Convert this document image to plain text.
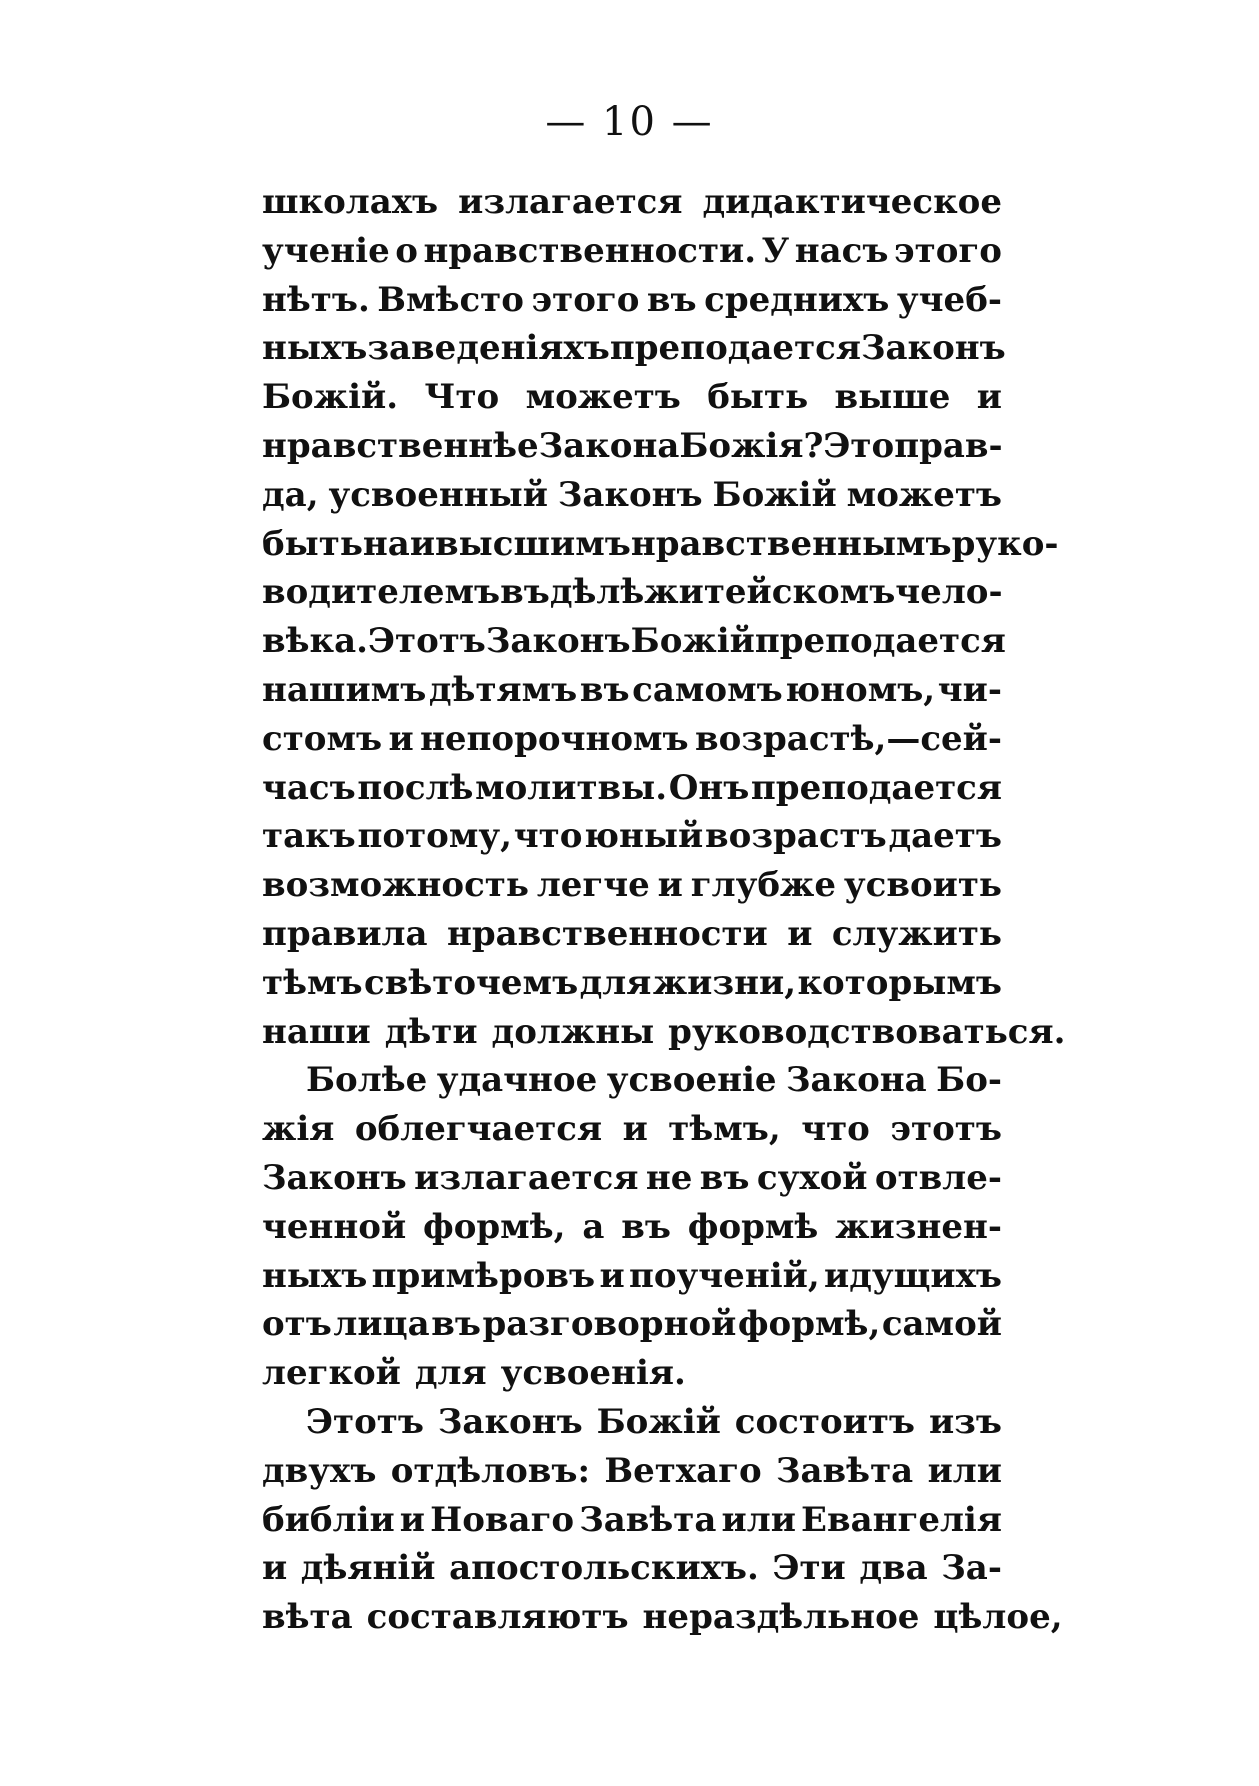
— 10 —
школахъ излагается дидактическое
ученіе о нравственности. У насъ этого
нѣтъ. Вмѣсто этого въ среднихъ учеб-
ныхъ заведеніяхъ преподается Законъ
Божій. Что можетъ быть выше и
нравственнѣе Закона Божія? Это прав-
да, усвоенный Законъ Божій можетъ
быть наивысшимъ нравственнымъ руко-
водителемъ въ дѣлѣ житейскомъ чело-
вѣка. Этотъ Законъ Божій преподается
нашимъ дѣтямъ въ самомъ юномъ, чи-
стомъ и непорочномъ возрастѣ,—сей-
часъ послѣ молитвы. Онъ преподается
такъ потому, что юный возрастъ даетъ
возможность легче и глубже усвоить
правила нравственности и служить
тѣмъ свѣточемъ для жизни, которымъ
наши дѣти должны руководствоваться.
Болѣе удачное усвоеніе Закона Бо-
жія облегчается и тѣмъ, что этотъ
Законъ излагается не въ сухой отвле-
ченной формѣ, а въ формѣ жизнен-
ныхъ примѣровъ и поученій, идущихъ
отъ лица въ разговорной формѣ, самой
легкой для усвоенія.
Этотъ Законъ Божій состоитъ изъ
двухъ отдѣловъ: Ветхаго Завѣта или
библіи и Новаго Завѣта или Евангелія
и дѣяній апостольскихъ. Эти два За-
вѣта составляютъ нераздѣльное цѣлое,
